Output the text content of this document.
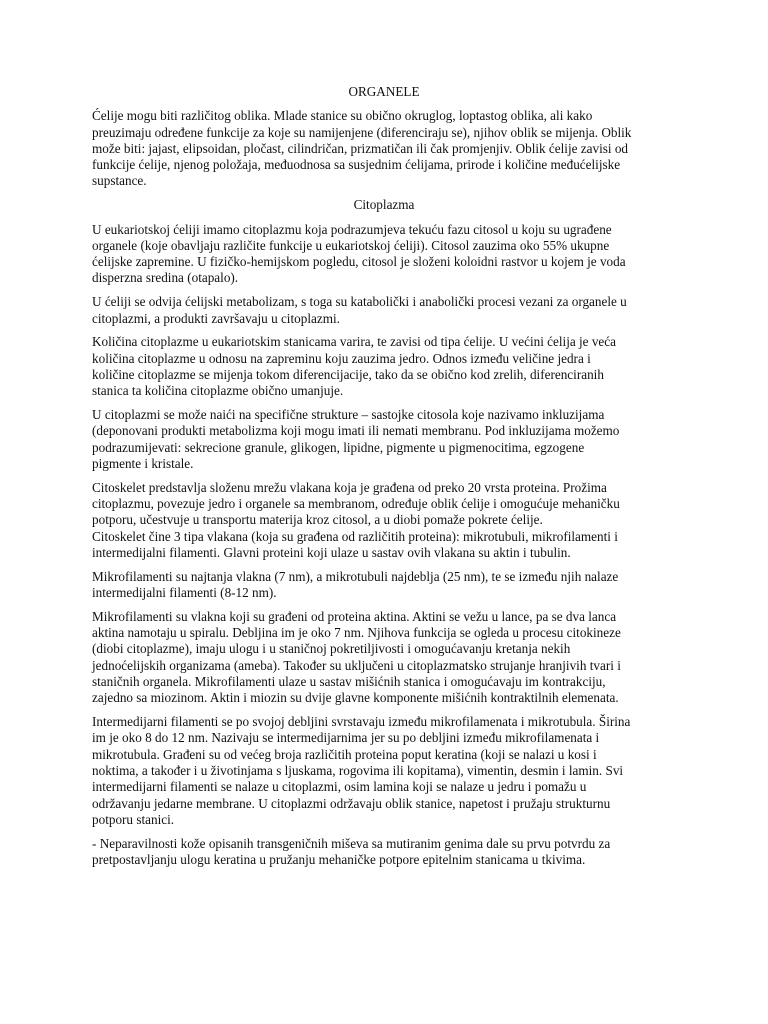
ORGANELE
Ćelije mogu biti različitog oblika. Mlade stanice su obično okruglog, loptastog oblika, ali kako
preuzimaju određene funkcije za koje su namijenjene (diferenciraju se), njihov oblik se mijenja. Oblik
može biti: jajast, elipsoidan, pločast, cilindričan, prizmatičan ili čak promjenjiv. Oblik ćelije zavisi od
funkcije ćelije, njenog položaja, međuodnosa sa susjednim ćelijama, prirode i količine međućelijske
supstance.
Citoplazma
U eukariotskoj ćeliji imamo citoplazmu koja podrazumjeva tekuću fazu citosol u koju su ugrađene
organele (koje obavljaju različite funkcije u eukariotskoj ćeliji). Citosol zauzima oko 55% ukupne
ćelijske zapremine. U fizičko-hemijskom pogledu, citosol je složeni koloidni rastvor u kojem je voda
disperzna sredina (otapalo).
U ćeliji se odvija ćelijski metabolizam, s toga su katabolički i anabolički procesi vezani za organele u
citoplazmi, a produkti završavaju u citoplazmi.
Količina citoplazme u eukariotskim stanicama varira, te zavisi od tipa ćelije. U većini ćelija je veća
količina citoplazme u odnosu na zapreminu koju zauzima jedro. Odnos između veličine jedra i
količine citoplazme se mijenja tokom diferencijacije, tako da se obično kod zrelih, diferenciranih
stanica ta količina citoplazme obično umanjuje.
U citoplazmi se može naići na specifične strukture – sastojke citosola koje nazivamo inkluzijama
(deponovani produkti metabolizma koji mogu imati ili nemati membranu. Pod inkluzijama možemo
podrazumijevati: sekrecione granule, glikogen, lipidne, pigmente u pigmenocitima, egzogene
pigmente i kristale.
Citoskelet predstavlja složenu mrežu vlakana koja je građena od preko 20 vrsta proteina. Prožima
citoplazmu, povezuje jedro i organele sa membranom, određuje oblik ćelije i omogućuje mehaničku
potporu, učestvuje u transportu materija kroz citosol, a u diobi pomaže pokrete ćelije.
Citoskelet čine 3 tipa vlakana (koja su građena od različitih proteina): mikrotubuli, mikrofilamenti i
intermedijalni filamenti. Glavni proteini koji ulaze u sastav ovih vlakana su aktin i tubulin.
Mikrofilamenti su najtanja vlakna (7 nm), a mikrotubuli najdeblja (25 nm), te se između njih nalaze
intermedijalni filamenti (8-12 nm).
Mikrofilamenti su vlakna koji su građeni od proteina aktina. Aktini se vežu u lance, pa se dva lanca
aktina namotaju u spiralu. Debljina im je oko 7 nm. Njihova funkcija se ogleda u procesu citokineze
(diobi citoplazme), imaju ulogu i u staničnoj pokretiljivosti i omogućavanju kretanja nekih
jednoćelijskih organizama (ameba). Također su uključeni u citoplazmatsko strujanje hranjivih tvari i
staničnih organela. Mikrofilamenti ulaze u sastav mišićnih stanica i omogućavaju im kontrakciju,
zajedno sa miozinom. Aktin i miozin su dvije glavne komponente mišićnih kontraktilnih elemenata.
Intermedijarni filamenti se po svojoj debljini svrstavaju između mikrofilamenata i mikrotubula. Širina
im je oko 8 do 12 nm. Nazivaju se intermedijarnima jer su po debljini između mikrofilamenata i
mikrotubula. Građeni su od većeg broja različitih proteina poput keratina (koji se nalazi u kosi i
noktima, a također i u životinjama s ljuskama, rogovima ili kopitama), vimentin, desmin i lamin. Svi
intermedijarni filamenti se nalaze u citoplazmi, osim lamina koji se nalaze u jedru i pomažu u
održavanju jedarne membrane. U citoplazmi održavaju oblik stanice, napetost i pružaju strukturnu
potporu stanici.
- Neparavilnosti kože opisanih transgeničnih miševa sa mutiranim genima dale su prvu potvrdu za
pretpostavljanju ulogu keratina u pružanju mehaničke potpore epitelnim stanicama u tkivima.
